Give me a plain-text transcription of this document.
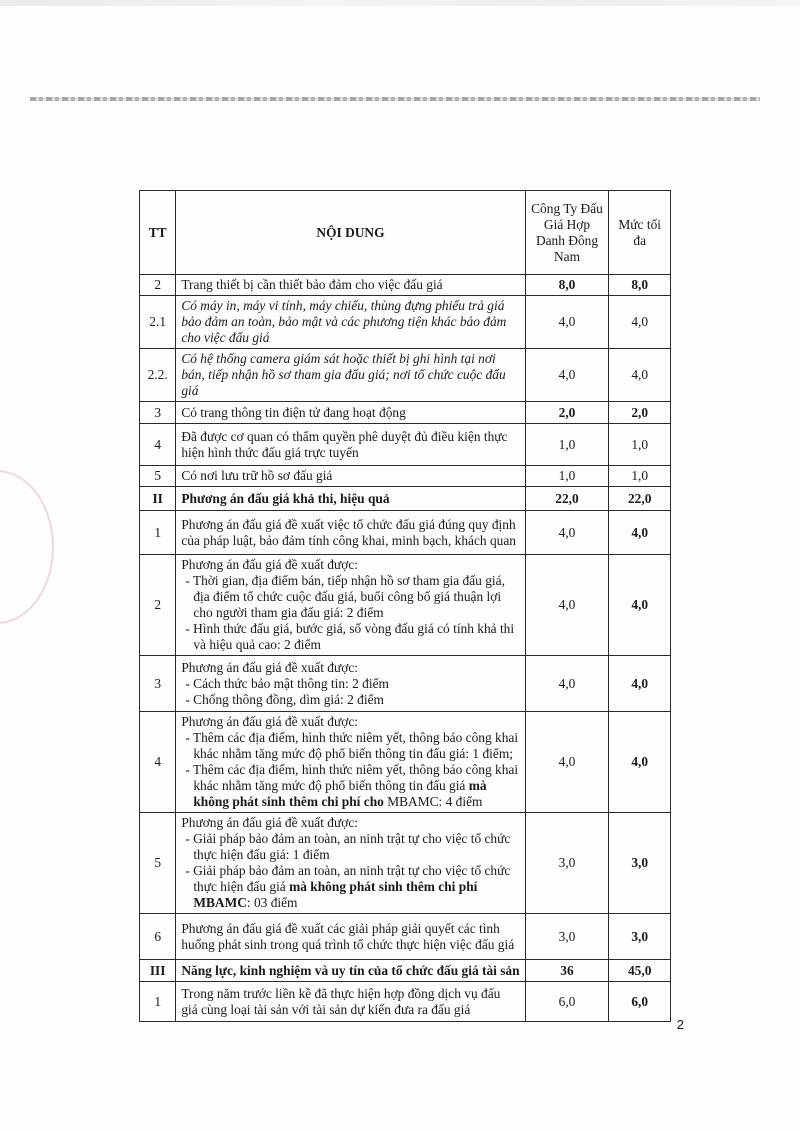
TT	NỘI DUNG	Công Ty Đấu Giá Hợp Danh Đông Nam	Mức tối đa
2	Trang thiết bị cần thiết bảo đảm cho việc đấu giá	8,0	8,0
2.1	Có máy in, máy vi tính, máy chiếu, thùng đựng phiếu trả giá bảo đảm an toàn, bảo mật và các phương tiện khác bảo đảm cho việc đấu giá	4,0	4,0
2.2.	Có hệ thống camera giám sát hoặc thiết bị ghi hình tại nơi bán, tiếp nhận hồ sơ tham gia đấu giá; nơi tổ chức cuộc đấu giá	4,0	4,0
3	Có trang thông tin điện tử đang hoạt động	2,0	2,0
4	Đã được cơ quan có thẩm quyền phê duyệt đủ điều kiện thực hiện hình thức đấu giá trực tuyến	1,0	1,0
5	Có nơi lưu trữ hồ sơ đấu giá	1,0	1,0
II	Phương án đấu giá khả thi, hiệu quả	22,0	22,0
1	Phương án đấu giá đề xuất việc tổ chức đấu giá đúng quy định của pháp luật, bảo đảm tính công khai, minh bạch, khách quan	4,0	4,0
2	Phương án đấu giá đề xuất được:
- Thời gian, địa điểm bán, tiếp nhận hồ sơ tham gia đấu giá, địa điểm tổ chức cuộc đấu giá, buổi công bố giá thuận lợi cho người tham gia đấu giá: 2 điểm
- Hình thức đấu giá, bước giá, số vòng đấu giá có tính khả thi và hiệu quả cao: 2 điểm	4,0	4,0
3	Phương án đấu giá đề xuất được:
- Cách thức bảo mật thông tin: 2 điểm
- Chống thông đồng, dìm giá: 2 điểm	4,0	4,0
4	Phương án đấu giá đề xuất được:
- Thêm các địa điểm, hình thức niêm yết, thông báo công khai khác nhằm tăng mức độ phổ biến thông tin đấu giá: 1 điểm;
- Thêm các địa điểm, hình thức niêm yết, thông báo công khai khác nhằm tăng mức độ phổ biến thông tin đấu giá mà không phát sinh thêm chi phí cho MBAMC: 4 điểm	4,0	4,0
5	Phương án đấu giá đề xuất được:
- Giải pháp bảo đảm an toàn, an ninh trật tự cho việc tổ chức thực hiện đấu giá: 1 điểm
- Giải pháp bảo đảm an toàn, an ninh trật tự cho việc tổ chức thực hiện đấu giá mà không phát sinh thêm chi phí MBAMC: 03 điểm	3,0	3,0
6	Phương án đấu giá đề xuất các giải pháp giải quyết các tình huống phát sinh trong quá trình tổ chức thực hiện việc đấu giá	3,0	3,0
III	Năng lực, kinh nghiệm và uy tín của tổ chức đấu giá tài sản	36	45,0
1	Trong năm trước liền kề đã thực hiện hợp đồng dịch vụ đấu giá cùng loại tài sản với tài sản dự kiến đưa ra đấu giá	6,0	6,0
2
